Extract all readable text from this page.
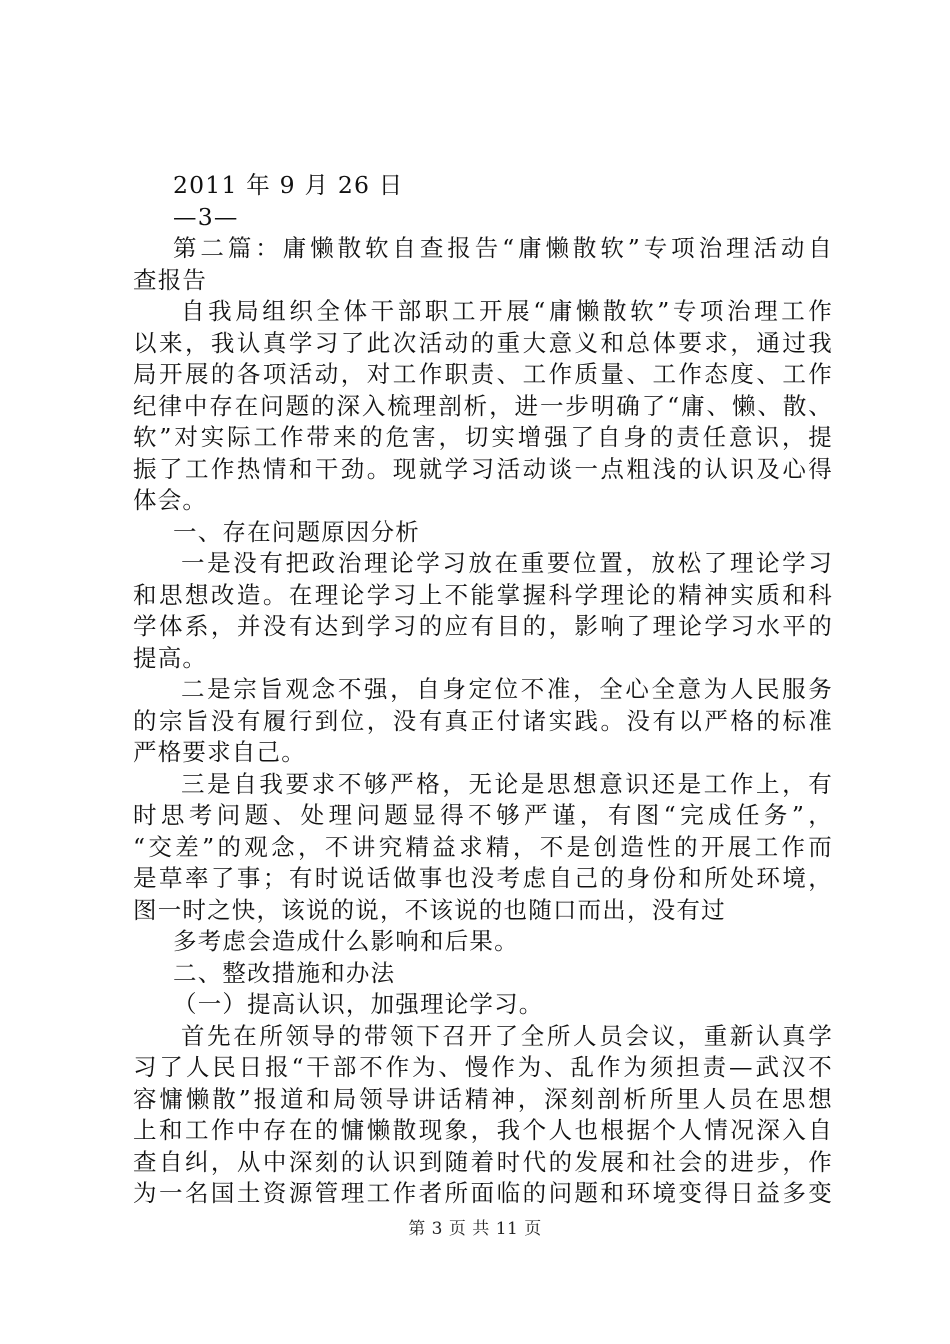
2011 年 9 月 26 日
—3—
第二篇：庸懒散软自查报告“庸懒散软”专项治理活动自
查报告
自我局组织全体干部职工开展“庸懒散软”专项治理工作
以来，我认真学习了此次活动的重大意义和总体要求，通过我
局开展的各项活动，对工作职责、工作质量、工作态度、工作
纪律中存在问题的深入梳理剖析，进一步明确了“庸、懒、散、
软”对实际工作带来的危害，切实增强了自身的责任意识，提
振了工作热情和干劲。现就学习活动谈一点粗浅的认识及心得
体会。
一、存在问题原因分析
一是没有把政治理论学习放在重要位置，放松了理论学习
和思想改造。在理论学习上不能掌握科学理论的精神实质和科
学体系，并没有达到学习的应有目的，影响了理论学习水平的
提高。
二是宗旨观念不强，自身定位不准，全心全意为人民服务
的宗旨没有履行到位，没有真正付诸实践。没有以严格的标准
严格要求自己。
三是自我要求不够严格，无论是思想意识还是工作上，有
时思考问题、处理问题显得不够严谨，有图“完成任务”，
“交差”的观念，不讲究精益求精，不是创造性的开展工作而
是草率了事；有时说话做事也没考虑自己的身份和所处环境，
图一时之快，该说的说，不该说的也随口而出，没有过
多考虑会造成什么影响和后果。
二、整改措施和办法
（一）提高认识，加强理论学习。
首先在所领导的带领下召开了全所人员会议，重新认真学
习了人民日报“干部不作为、慢作为、乱作为须担责—武汉不
容慵懒散”报道和局领导讲话精神，深刻剖析所里人员在思想
上和工作中存在的慵懒散现象，我个人也根据个人情况深入自
查自纠，从中深刻的认识到随着时代的发展和社会的进步，作
为一名国土资源管理工作者所面临的问题和环境变得日益多变
第 3 页 共 11 页
